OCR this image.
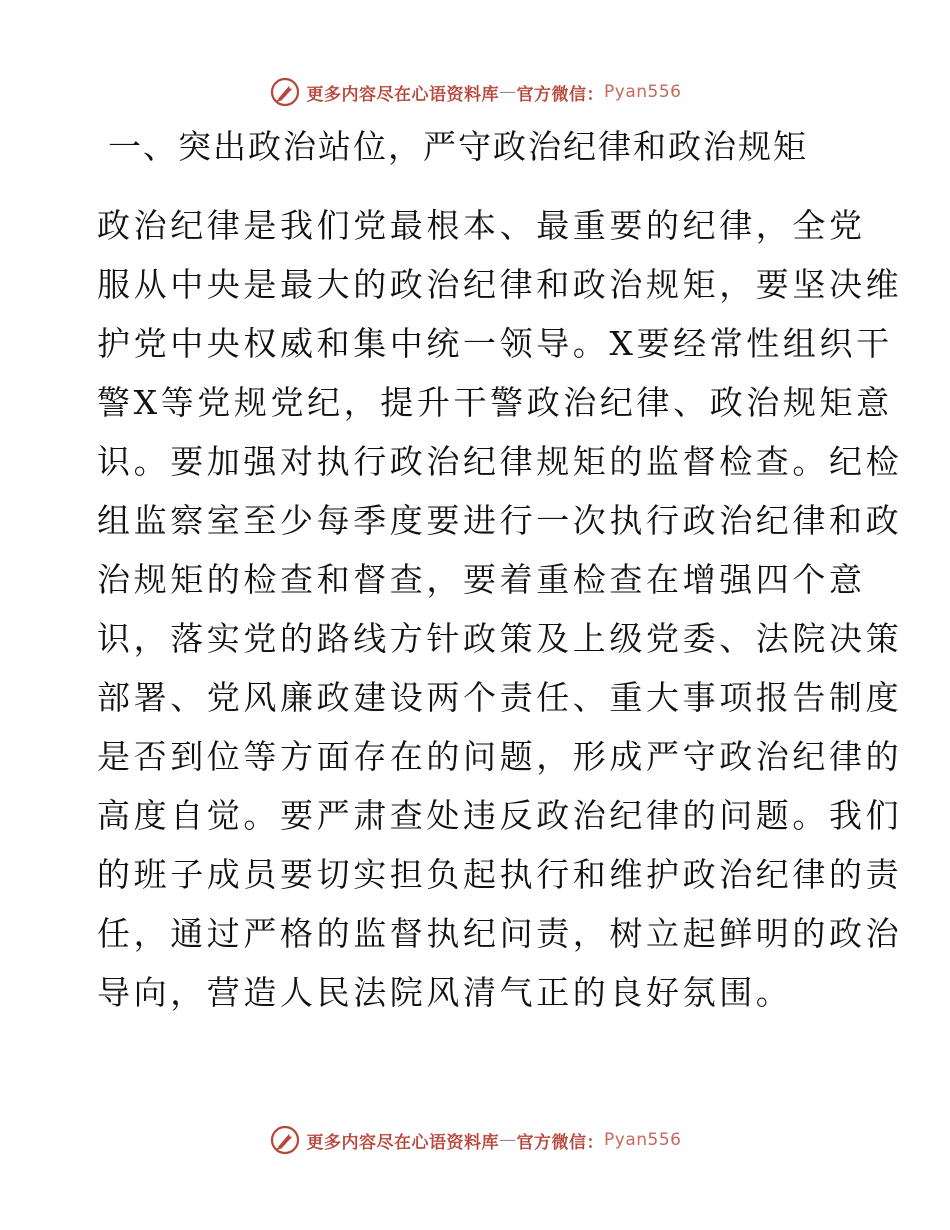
更多内容尽在心语资料库 — 官方微信： Pyan556
一、突出政治站位，严守政治纪律和政治规矩
政治纪律是我们党最根本、最重要的纪律，全党
服从中央是最大的政治纪律和政治规矩，要坚决维
护党中央权威和集中统一领导。X要经常性组织干
警X等党规党纪，提升干警政治纪律、政治规矩意
识。要加强对执行政治纪律规矩的监督检查。纪检
组监察室至少每季度要进行一次执行政治纪律和政
治规矩的检查和督查，要着重检查在增强四个意
识，落实党的路线方针政策及上级党委、法院决策
部署、党风廉政建设两个责任、重大事项报告制度
是否到位等方面存在的问题，形成严守政治纪律的
高度自觉。要严肃查处违反政治纪律的问题。我们
的班子成员要切实担负起执行和维护政治纪律的责
任，通过严格的监督执纪问责，树立起鲜明的政治
导向，营造人民法院风清气正的良好氛围。
更多内容尽在心语资料库 — 官方微信： Pyan556
